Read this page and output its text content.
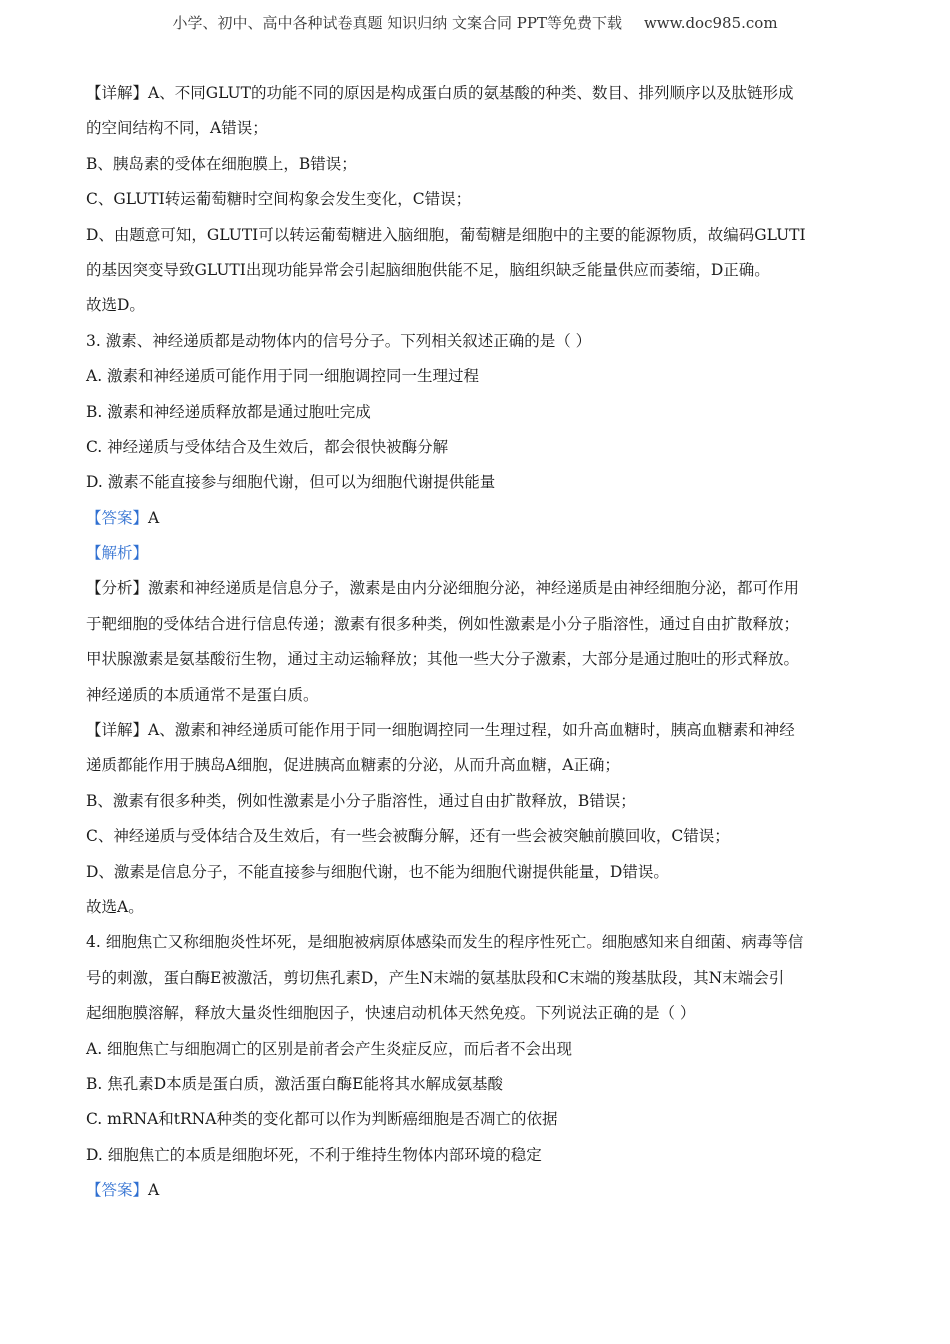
小学、初中、高中各种试卷真题 知识归纳 文案合同 PPT等免费下载 www.doc985.com
【详解】A、不同GLUT的功能不同的原因是构成蛋白质的氨基酸的种类、数目、排列顺序以及肽链形成
的空间结构不同，A错误；
B、胰岛素的受体在细胞膜上，B错误；
C、GLUTI转运葡萄糖时空间构象会发生变化，C错误；
D、由题意可知，GLUTI可以转运葡萄糖进入脑细胞，葡萄糖是细胞中的主要的能源物质，故编码GLUTI
的基因突变导致GLUTI出现功能异常会引起脑细胞供能不足，脑组织缺乏能量供应而萎缩，D正确。
故选D。
3. 激素、神经递质都是动物体内的信号分子。下列相关叙述正确的是（ ）
A. 激素和神经递质可能作用于同一细胞调控同一生理过程
B. 激素和神经递质释放都是通过胞吐完成
C. 神经递质与受体结合及生效后，都会很快被酶分解
D. 激素不能直接参与细胞代谢，但可以为细胞代谢提供能量
【答案】A
【解析】
【分析】激素和神经递质是信息分子，激素是由内分泌细胞分泌，神经递质是由神经细胞分泌，都可作用
于靶细胞的受体结合进行信息传递；激素有很多种类，例如性激素是小分子脂溶性，通过自由扩散释放；
甲状腺激素是氨基酸衍生物，通过主动运输释放；其他一些大分子激素，大部分是通过胞吐的形式释放。
神经递质的本质通常不是蛋白质。
【详解】A、激素和神经递质可能作用于同一细胞调控同一生理过程，如升高血糖时，胰高血糖素和神经
递质都能作用于胰岛A细胞，促进胰高血糖素的分泌，从而升高血糖，A正确；
B、激素有很多种类，例如性激素是小分子脂溶性，通过自由扩散释放，B错误；
C、神经递质与受体结合及生效后，有一些会被酶分解，还有一些会被突触前膜回收，C错误；
D、激素是信息分子，不能直接参与细胞代谢，也不能为细胞代谢提供能量，D错误。
故选A。
4. 细胞焦亡又称细胞炎性坏死，是细胞被病原体感染而发生的程序性死亡。细胞感知来自细菌、病毒等信
号的刺激，蛋白酶E被激活，剪切焦孔素D，产生N末端的氨基肽段和C末端的羧基肽段，其N末端会引
起细胞膜溶解，释放大量炎性细胞因子，快速启动机体天然免疫。下列说法正确的是（ ）
A. 细胞焦亡与细胞凋亡的区别是前者会产生炎症反应，而后者不会出现
B. 焦孔素D本质是蛋白质，激活蛋白酶E能将其水解成氨基酸
C. mRNA和tRNA种类的变化都可以作为判断癌细胞是否凋亡的依据
D. 细胞焦亡的本质是细胞坏死，不利于维持生物体内部环境的稳定
【答案】A
